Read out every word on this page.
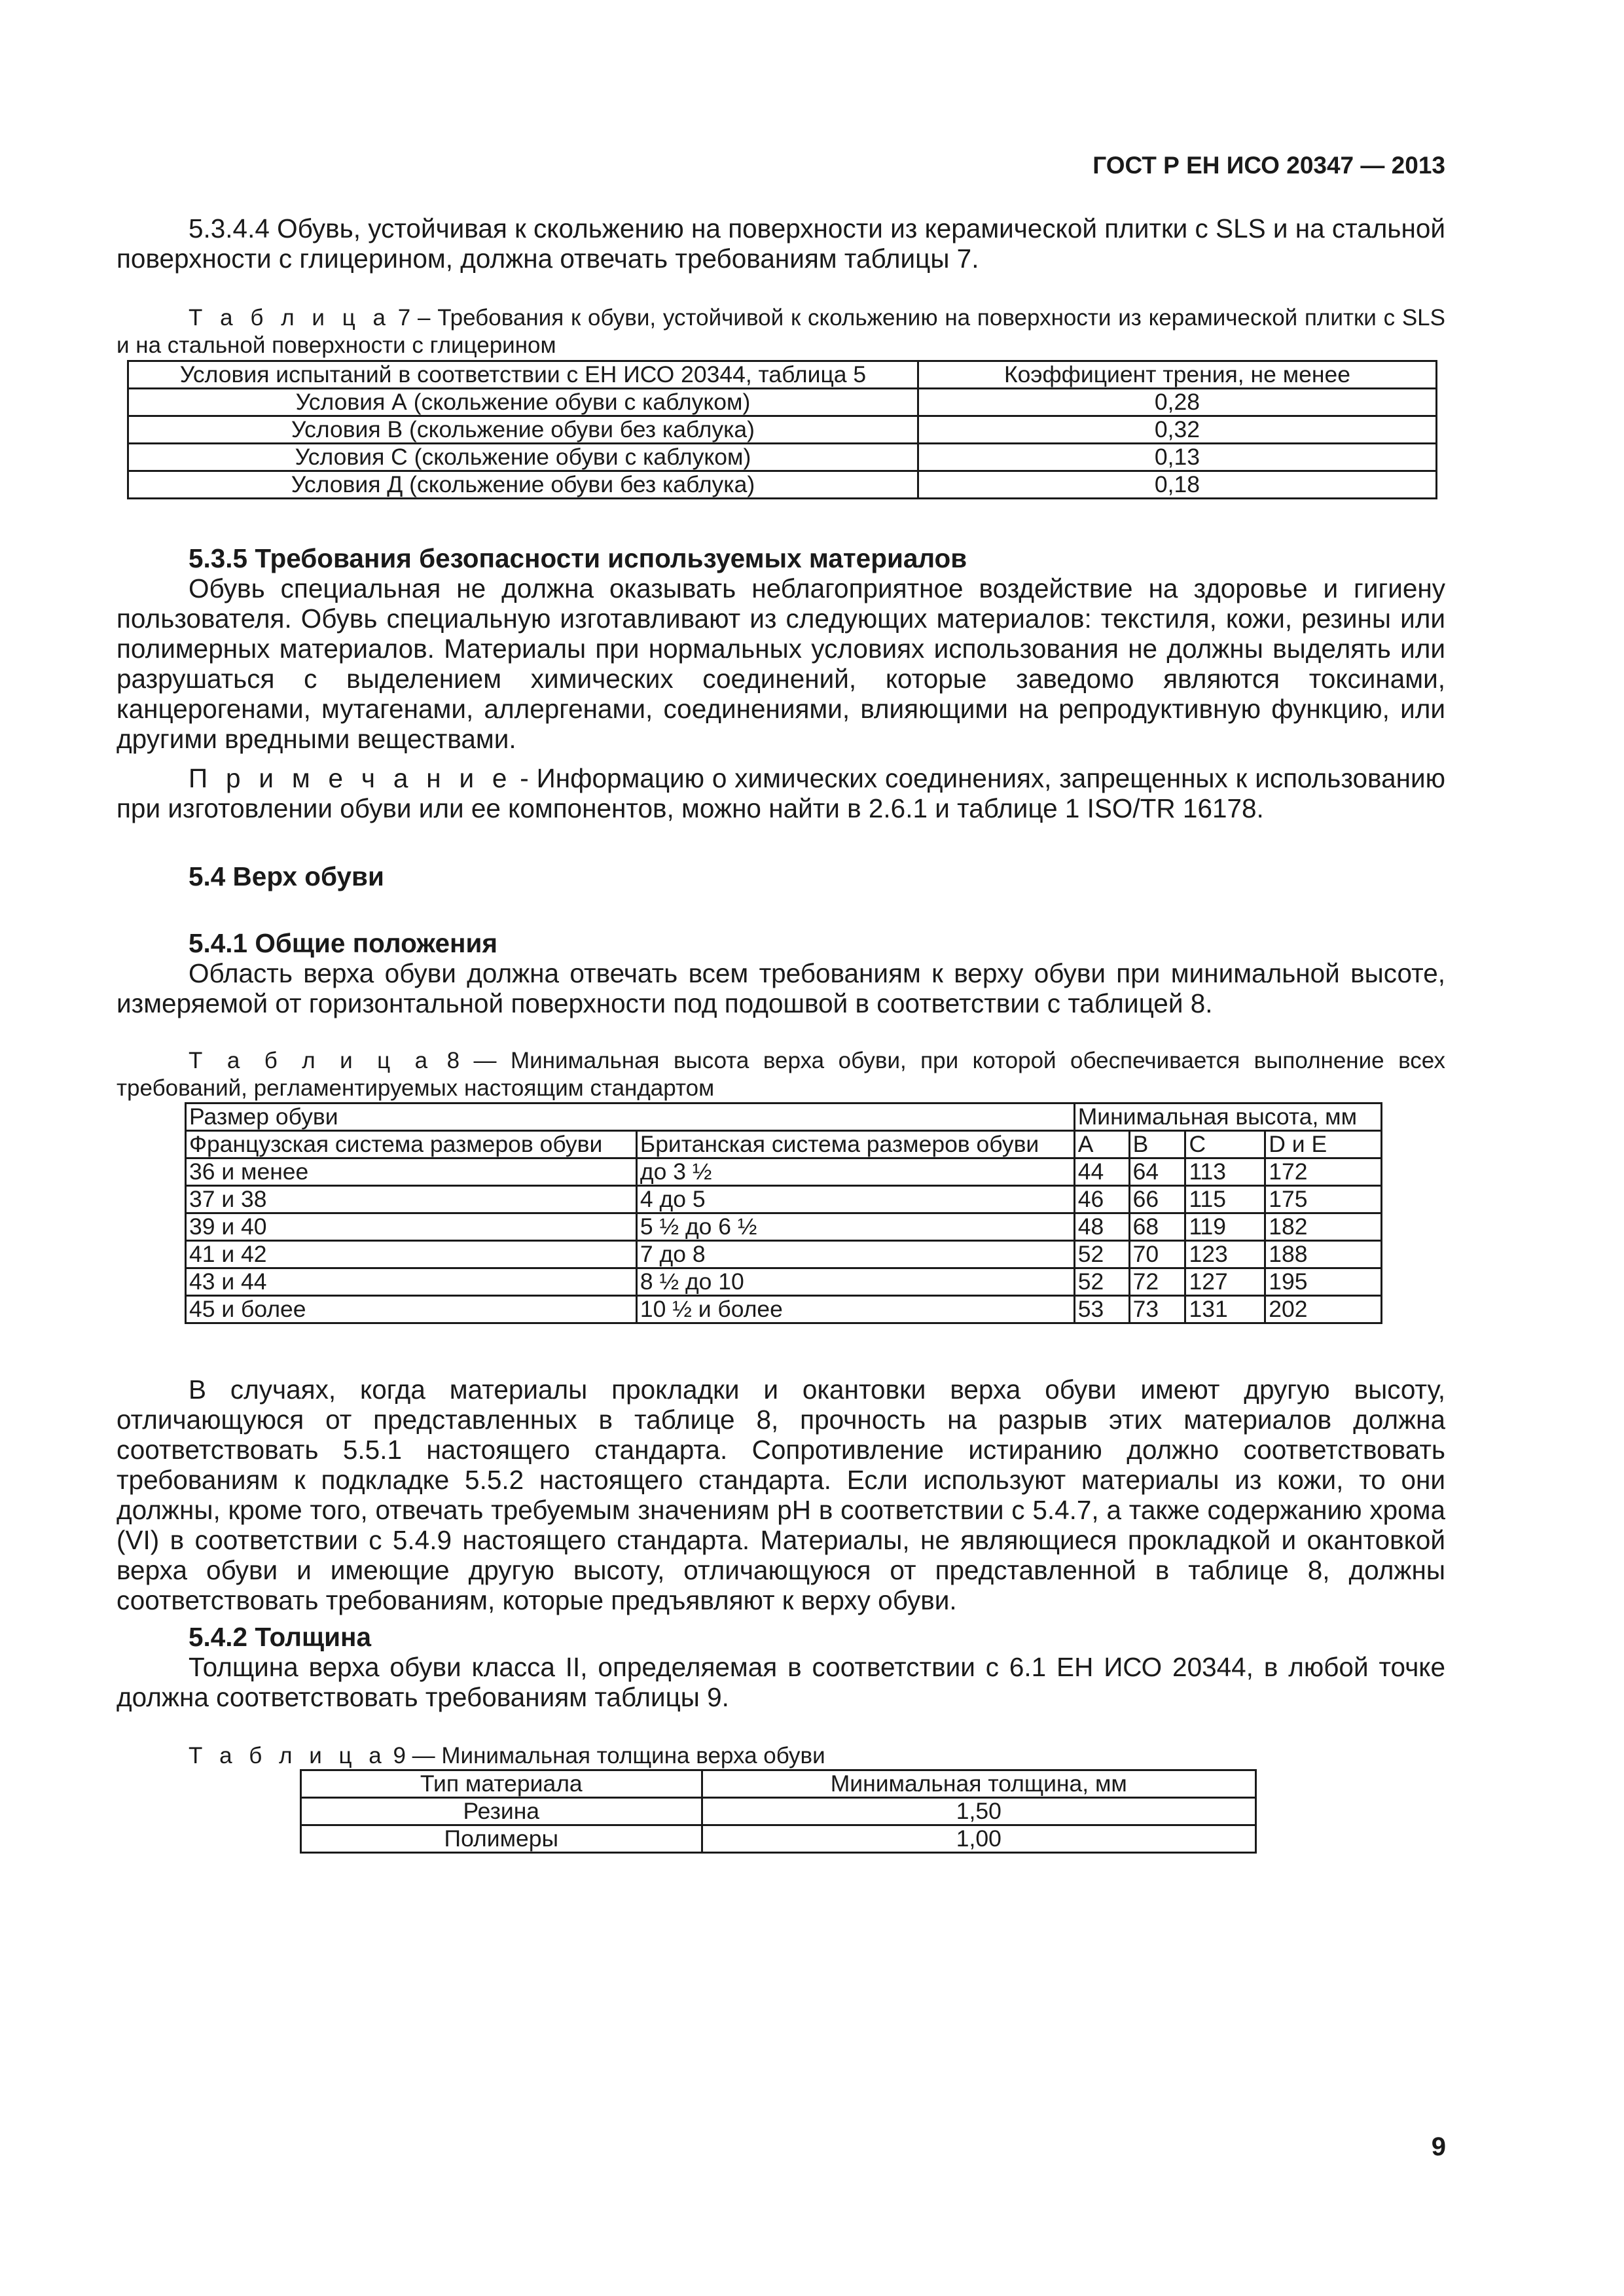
ГОСТ Р ЕН ИСО 20347 — 2013
5.3.4.4 Обувь, устойчивая к скольжению на поверхности из керамической плитки с SLS и на стальной поверхности с глицерином, должна отвечать требованиям таблицы 7.
Т а б л и ц а 7 – Требования к обуви, устойчивой к скольжению на поверхности из керамической плитки с SLS и на стальной поверхности с глицерином
Условия испытаний в соответствии с ЕН ИСО 20344, таблица 5	Коэффициент трения, не менее
Условия А (скольжение обуви с каблуком)	0,28
Условия В (скольжение обуви без каблука)	0,32
Условия С (скольжение обуви с каблуком)	0,13
Условия Д (скольжение обуви без каблука)	0,18
5.3.5 Требования безопасности используемых материалов
Обувь специальная не должна оказывать неблагоприятное воздействие на здоровье и гигиену пользователя. Обувь специальную изготавливают из следующих материалов: текстиля, кожи, резины или полимерных материалов. Материалы при нормальных условиях использования не должны выделять или разрушаться с выделением химических соединений, которые заведомо являются токсинами, канцерогенами, мутагенами, аллергенами, соединениями, влияющими на репродуктивную функцию, или другими вредными веществами.
П р и м е ч а н и е - Информацию о химических соединениях, запрещенных к использованию при изготовлении обуви или ее компонентов, можно найти в 2.6.1 и таблице 1 ISO/TR 16178.
5.4 Верх обуви
5.4.1 Общие положения
Область верха обуви должна отвечать всем требованиям к верху обуви при минимальной высоте, измеряемой от горизонтальной поверхности под подошвой в соответствии с таблицей 8.
Т а б л и ц а 8 — Минимальная высота верха обуви, при которой обеспечивается выполнение всех требований, регламентируемых настоящим стандартом
Размер обуви		Минимальная высота, мм			
Французская система размеров обуви	Британская система размеров обуви	A	B	C	D и E
36 и менее	до 3 ½	44	64	113	172
37 и 38	4 до 5	46	66	115	175
39 и 40	5 ½ до 6 ½	48	68	119	182
41 и 42	7 до 8	52	70	123	188
43 и 44	8 ½ до 10	52	72	127	195
45 и более	10 ½ и более	53	73	131	202
В случаях, когда материалы прокладки и окантовки верха обуви имеют другую высоту, отличающуюся от представленных в таблице 8, прочность на разрыв этих материалов должна соответствовать 5.5.1 настоящего стандарта. Сопротивление истиранию должно соответствовать требованиям к подкладке 5.5.2 настоящего стандарта. Если используют материалы из кожи, то они должны, кроме того, отвечать требуемым значениям pH в соответствии с 5.4.7, а также содержанию хрома (VI) в соответствии с 5.4.9 настоящего стандарта. Материалы, не являющиеся прокладкой и окантовкой верха обуви и имеющие другую высоту, отличающуюся от представленной в таблице 8, должны соответствовать требованиям, которые предъявляют к верху обуви.
5.4.2 Толщина
Толщина верха обуви класса II, определяемая в соответствии с 6.1 ЕН ИСО 20344, в любой точке должна соответствовать требованиям таблицы 9.
Т а б л и ц а 9 — Минимальная толщина верха обуви
Тип материала	Минимальная толщина, мм
Резина	1,50
Полимеры	1,00
9
